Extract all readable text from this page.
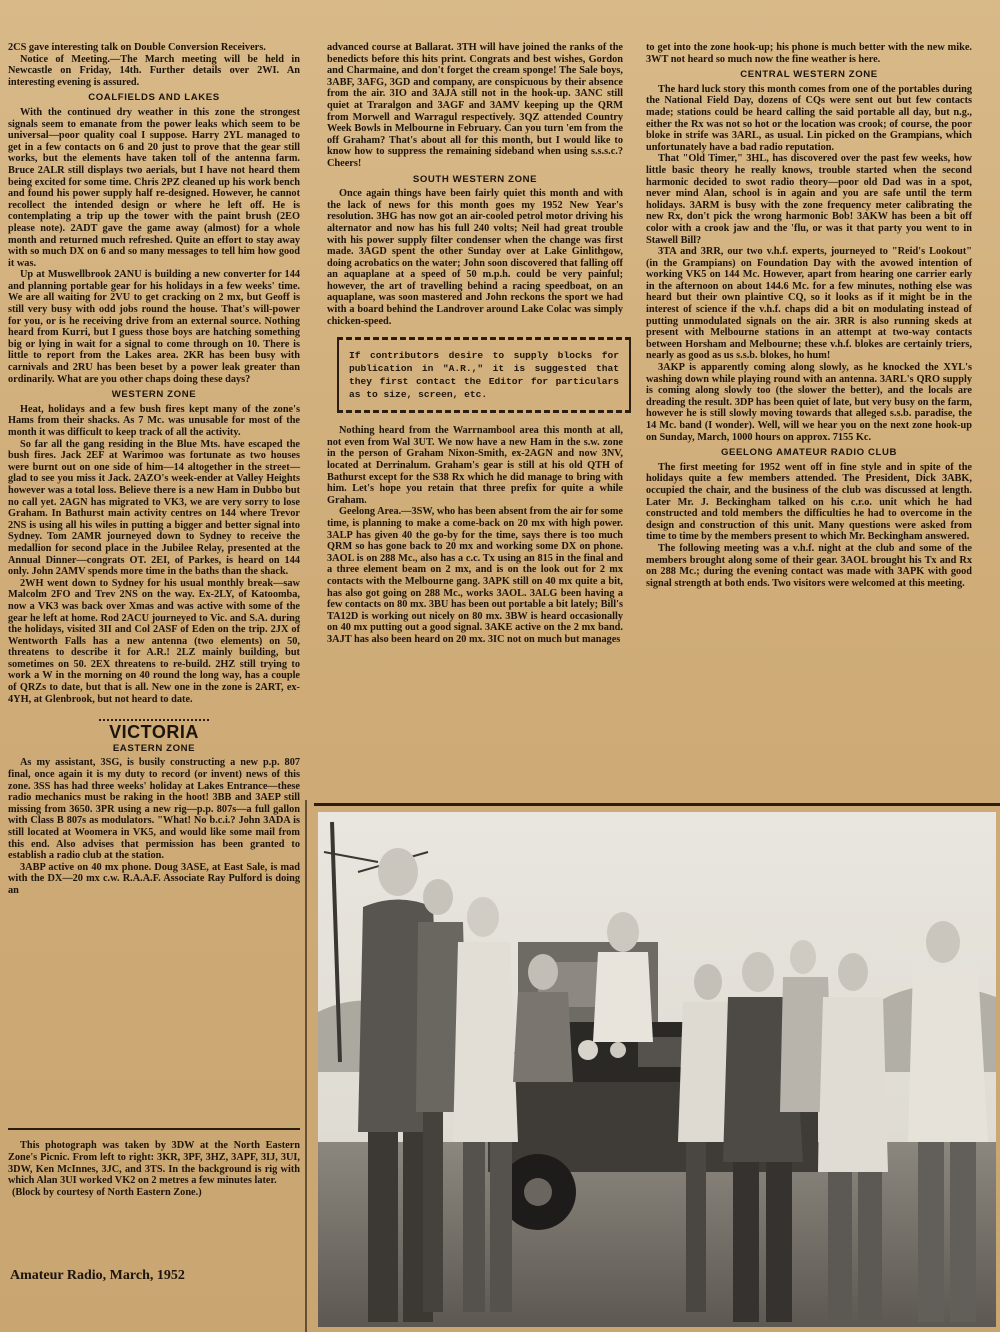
2CS gave interesting talk on Double Conversion Receivers.

Notice of Meeting.—The March meeting will be held in Newcastle on Friday, 14th. Further details over 2WI. An interesting evening is assured.

COALFIELDS AND LAKES

With the continued dry weather in this zone the strongest signals seem to emanate from the power leaks which seem to be universal—poor quality coal I suppose. Harry 2YL managed to get in a few contacts on 6 and 20 just to prove that the gear still works, but the elements have taken toll of the antenna farm. Bruce 2ALR still displays two aerials, but I have not heard them being excited for some time. Chris 2PZ cleaned up his work bench and found his power supply half re-designed. However, he cannot recollect the intended design or where he left off. He is contemplating a trip up the tower with the paint brush (2EO please note). 2ADT gave the game away (almost) for a whole month and returned much refreshed. Quite an effort to stay away with so much DX on 6 and so many messages to tell him how good it was.

Up at Muswellbrook 2ANU is building a new converter for 144 and planning portable gear for his holidays in a few weeks' time. We are all waiting for 2VU to get cracking on 2 mx, but Geoff is still very busy with odd jobs round the house. That's will-power for you, or is he receiving drive from an external source. Nothing heard from Kurri, but I guess those boys are hatching something big or lying in wait for a signal to come through on 10. There is little to report from the Lakes area. 2KR has been busy with carnivals and 2RU has been beset by a power leak greater than ordinarily. What are you other chaps doing these days?

WESTERN ZONE

Heat, holidays and a few bush fires kept many of the zone's Hams from their shacks. As 7 Mc. was unusable for most of the month it was difficult to keep track of all the activity.

So far all the gang residing in the Blue Mts. have escaped the bush fires. Jack 2EF at Warimoo was fortunate as two houses were burnt out on one side of him—14 altogether in the street—glad to see you miss it Jack. 2AZO's week-ender at Valley Heights however was a total loss. Believe there is a new Ham in Dubbo but no call yet. 2AGN has migrated to VK3, we are very sorry to lose Graham. In Bathurst main activity centres on 144 where Trevor 2NS is using all his wiles in putting a bigger and better signal into Sydney. Tom 2AMR journeyed down to Sydney to receive the medallion for second place in the Jubilee Relay, presented at the Annual Dinner—congrats OT. 2EI, of Parkes, is heard on 144 only. John 2AMV spends more time in the baths than the shack.

2WH went down to Sydney for his usual monthly break—saw Malcolm 2FO and Trev 2NS on the way. Ex-2LY, of Katoomba, now a VK3 was back over Xmas and was active with some of the gear he left at home. Rod 2ACU journeyed to Vic. and S.A. during the holidays, visited 3II and Col 2ASF of Eden on the trip. 2JX of Wentworth Falls has a new antenna (two elements) on 50, threatens to describe it for A.R.! 2LZ mainly building, but sometimes on 50. 2EX threatens to re-build. 2HZ still trying to work a W in the morning on 40 round the long way, has a couple of QRZs to date, but that is all. New one in the zone is 2ART, ex-4YH, at Glenbrook, but not heard to date.

VICTORIA
EASTERN ZONE

As my assistant, 3SG, is busily constructing a new p.p. 807 final, once again it is my duty to record (or invent) news of this zone. 3SS has had three weeks' holiday at Lakes Entrance—these radio mechanics must be raking in the hoot! 3BB and 3AEP still missing from 3650. 3PR using a new rig—p.p. 807s—a full gallon with Class B 807s as modulators. "What! No b.c.i.? John 3ADA is still located at Woomera in VK5, and would like some mail from this end. Also advises that permission has been granted to establish a radio club at the station.

3ABP active on 40 mx phone. Doug 3ASE, at East Sale, is mad with the DX—20 mx c.w. R.A.A.F. Associate Ray Pulford is doing an

advanced course at Ballarat. 3TH will have joined the ranks of the benedicts before this hits print. Congrats and best wishes, Gordon and Charmaine, and don't forget the cream sponge! The Sale boys, 3ABF, 3AFG, 3GD and company, are conspicuous by their absence from the air. 3IO and 3AJA still not in the hook-up. 3ANC still quiet at Traralgon and 3AGF and 3AMV keeping up the QRM from Morwell and Warragul respectively. 3QZ attended Country Week Bowls in Melbourne in February. Can you turn 'em from the off Graham? That's about all for this month, but I would like to know how to suppress the remaining sideband when using s.s.s.c.? Cheers!

SOUTH WESTERN ZONE

Once again things have been fairly quiet this month and with the lack of news for this month goes my 1952 New Year's resolution. 3HG has now got an air-cooled petrol motor driving his alternator and now has his full 240 volts; Neil had great trouble with his power supply filter condenser when the change was first made. 3AGD spent the other Sunday over at Lake Ginlithgow, doing acrobatics on the water; John soon discovered that falling off an aquaplane at a speed of 50 m.p.h. could be very painful; however, the art of travelling behind a racing speedboat, on an aquaplane, was soon mastered and John reckons the sport we had with a board behind the Landrover around Lake Colac was simply chicken-speed.

If contributors desire to supply blocks for publication in "A.R.," it is suggested that they first contact the Editor for particulars as to size, screen, etc.

Nothing heard from the Warrnambool area this month at all, not even from Wal 3UT. We now have a new Ham in the s.w. zone in the person of Graham Nixon-Smith, ex-2AGN and now 3NV, located at Derrinalum. Graham's gear is still at his old QTH of Bathurst except for the S38 Rx which he did manage to bring with him. Let's hope you retain that three prefix for quite a while Graham.

Geelong Area.—3SW, who has been absent from the air for some time, is planning to make a come-back on 20 mx with high power. 3ALP has given 40 the go-by for the time, says there is too much QRM so has gone back to 20 mx and working some DX on phone. 3AOL is on 288 Mc., also has a c.c. Tx using an 815 in the final and a three element beam on 2 mx, and is on the look out for 2 mx contacts with the Melbourne gang. 3APK still on 40 mx quite a bit, has also got going on 288 Mc., works 3AOL. 3ALG been having a few contacts on 80 mx. 3BU has been out portable a bit lately; Bill's TA12D is working out nicely on 80 mx. 3BW is heard occasionally on 40 mx putting out a good signal. 3AKE active on the 2 mx band. 3AJT has also been heard on 20 mx. 3IC not on much but manages

to get into the zone hook-up; his phone is much better with the new mike. 3WT not heard so much now the fine weather is here.

CENTRAL WESTERN ZONE

The hard luck story this month comes from one of the portables during the National Field Day, dozens of CQs were sent out but few contacts made; stations could be heard calling the said portable all day, but n.g., either the Rx was not so hot or the location was crook; of course, the poor bloke in strife was 3ARL, as usual. Lin picked on the Grampians, which unfortunately have a bad radio reputation.

That "Old Timer," 3HL, has discovered over the past few weeks, how little basic theory he really knows, trouble started when the second harmonic decided to swot radio theory—poor old Dad was in a spot, never mind Alan, school is in again and you are safe until the term holidays. 3ARM is busy with the zone frequency meter calibrating the new Rx, don't pick the wrong harmonic Bob! 3AKW has been a bit off color with a crook jaw and the 'flu, or was it that party you went to in Stawell Bill?

3TA and 3RR, our two v.h.f. experts, journeyed to "Reid's Lookout" (in the Grampians) on Foundation Day with the avowed intention of working VK5 on 144 Mc. However, apart from hearing one carrier early in the afternoon on about 144.6 Mc. for a few minutes, nothing else was heard but their own plaintive CQ, so it looks as if it might be in the interest of science if the v.h.f. chaps did a bit on modulating instead of putting unmodulated signals on the air. 3RR is also running skeds at present with Melbourne stations in an attempt at two-way contacts between Horsham and Melbourne; these v.h.f. blokes are certainly triers, nearly as good as us s.s.b. blokes, ho hum!

3AKP is apparently coming along slowly, as he knocked the XYL's washing down while playing round with an antenna. 3ARL's QRO supply is coming along slowly too (the slower the better), and the locals are dreading the result. 3DP has been quiet of late, but very busy on the farm, however he is still slowly moving towards that alleged s.s.b. paradise, the 14 Mc. band (I wonder). Well, will we hear you on the next zone hook-up on Sunday, March, 1000 hours on approx. 7155 Kc.

GEELONG AMATEUR RADIO CLUB

The first meeting for 1952 went off in fine style and in spite of the holidays quite a few members attended. The President, Dick 3ABK, occupied the chair, and the business of the club was discussed at length. Later Mr. J. Beckingham talked on his c.r.o. unit which he had constructed and told members the difficulties he had to overcome in the design and construction of this unit. Many questions were asked from time to time by the members present to which Mr. Beckingham answered.

The following meeting was a v.h.f. night at the club and some of the members brought along some of their gear. 3AOL brought his Tx and Rx on 288 Mc.; during the evening contact was made with 3APK with good signal strength at both ends. Two visitors were welcomed at this meeting.

This photograph was taken by 3DW at the North Eastern Zone's Picnic. From left to right: 3KR, 3PF, 3HZ, 3APF, 3IJ, 3UI, 3DW, Ken McInnes, 3JC, and 3TS. In the background is rig with which Alan 3UI worked VK2 on 2 metres a few minutes later.

(Block by courtesy of North Eastern Zone.)

Amateur Radio, March, 1952
